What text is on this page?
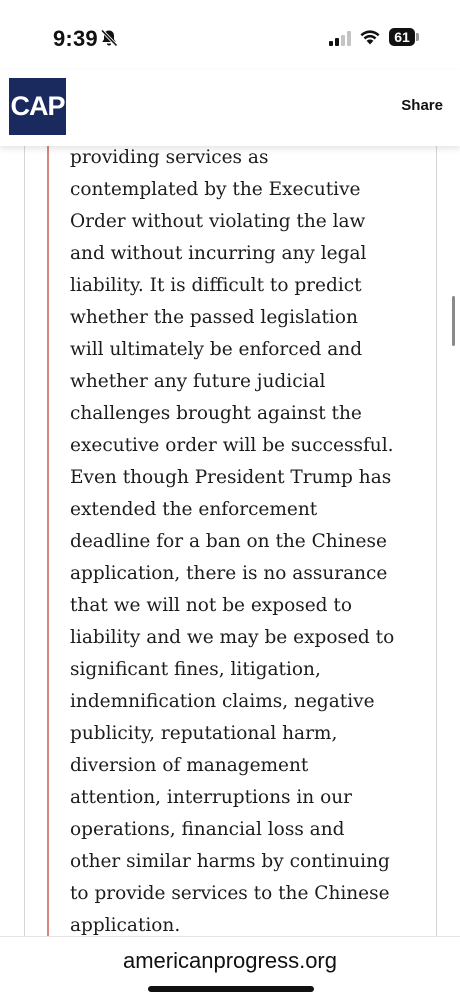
9:39	61
CAP	Share

providing services as
contemplated by the Executive
Order without violating the law
and without incurring any legal
liability. It is difficult to predict
whether the passed legislation
will ultimately be enforced and
whether any future judicial
challenges brought against the
executive order will be successful.
Even though President Trump has
extended the enforcement
deadline for a ban on the Chinese
application, there is no assurance
that we will not be exposed to
liability and we may be exposed to
significant fines, litigation,
indemnification claims, negative
publicity, reputational harm,
diversion of management
attention, interruptions in our
operations, financial loss and
other similar harms by continuing
to provide services to the Chinese
application.

americanprogress.org
